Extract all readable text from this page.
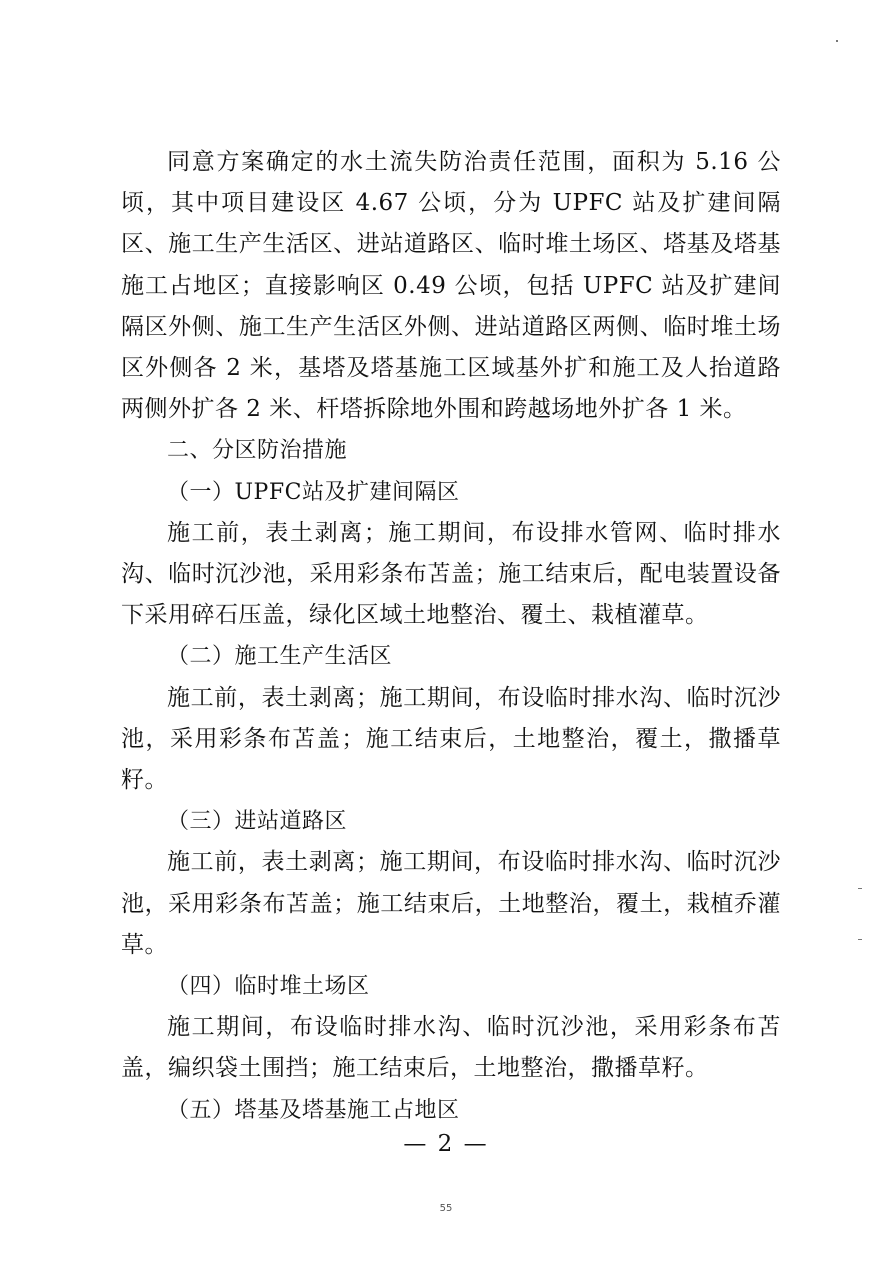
同意方案确定的水土流失防治责任范围，面积为 5.16 公顷，其中项目建设区 4.67 公顷，分为 UPFC 站及扩建间隔区、施工生产生活区、进站道路区、临时堆土场区、塔基及塔基施工占地区；直接影响区 0.49 公顷，包括 UPFC 站及扩建间隔区外侧、施工生产生活区外侧、进站道路区两侧、临时堆土场区外侧各 2 米，基塔及塔基施工区域基外扩和施工及人抬道路两侧外扩各 2 米、杆塔拆除地外围和跨越场地外扩各 1 米。

二、分区防治措施

（一）UPFC站及扩建间隔区

施工前，表土剥离；施工期间，布设排水管网、临时排水沟、临时沉沙池，采用彩条布苫盖；施工结束后，配电装置设备下采用碎石压盖，绿化区域土地整治、覆土、栽植灌草。

（二）施工生产生活区

施工前，表土剥离；施工期间，布设临时排水沟、临时沉沙池，采用彩条布苫盖；施工结束后，土地整治，覆土，撒播草籽。

（三）进站道路区

施工前，表土剥离；施工期间，布设临时排水沟、临时沉沙池，采用彩条布苫盖；施工结束后，土地整治，覆土，栽植乔灌草。

（四）临时堆土场区

施工期间，布设临时排水沟、临时沉沙池，采用彩条布苫盖，编织袋土围挡；施工结束后，土地整治，撒播草籽。

（五）塔基及塔基施工占地区

— 2 —
55
